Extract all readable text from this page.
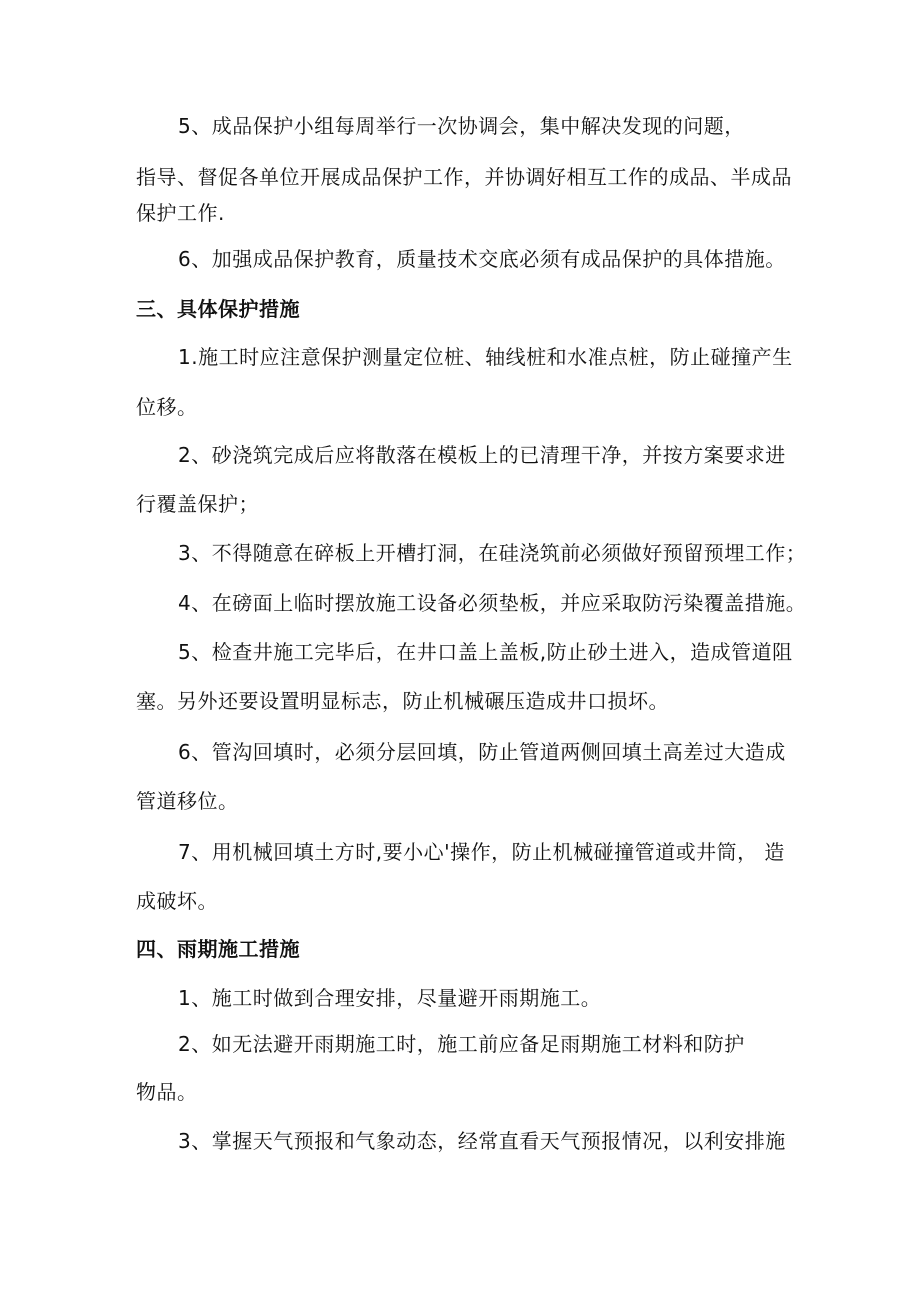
5、成品保护小组每周举行一次协调会，集中解决发现的问题，
指导、督促各单位开展成品保护工作，并协调好相互工作的成品、半成品
保护工作.
6、加强成品保护教育，质量技术交底必须有成品保护的具体措施。
三、具体保护措施
1.施工时应注意保护测量定位桩、轴线桩和水准点桩，防止碰撞产生
位移。
2、砂浇筑完成后应将散落在模板上的已清理干净，并按方案要求进
行覆盖保护；
3、不得随意在碎板上开槽打洞，在硅浇筑前必须做好预留预埋工作；
4、在磅面上临时摆放施工设备必须垫板，并应采取防污染覆盖措施。
5、检查井施工完毕后，在井口盖上盖板,防止砂土进入，造成管道阻
塞。另外还要设置明显标志，防止机械碾压造成井口损坏。
6、管沟回填时，必须分层回填，防止管道两侧回填土高差过大造成
管道移位。
7、用机械回填土方时,要小心'操作，防止机械碰撞管道或井筒， 造
成破坏。
四、雨期施工措施
1、施工时做到合理安排，尽量避开雨期施工。
2、如无法避开雨期施工时，施工前应备足雨期施工材料和防护
物品。
3、掌握天气预报和气象动态，经常直看天气预报情况，以利安排施
